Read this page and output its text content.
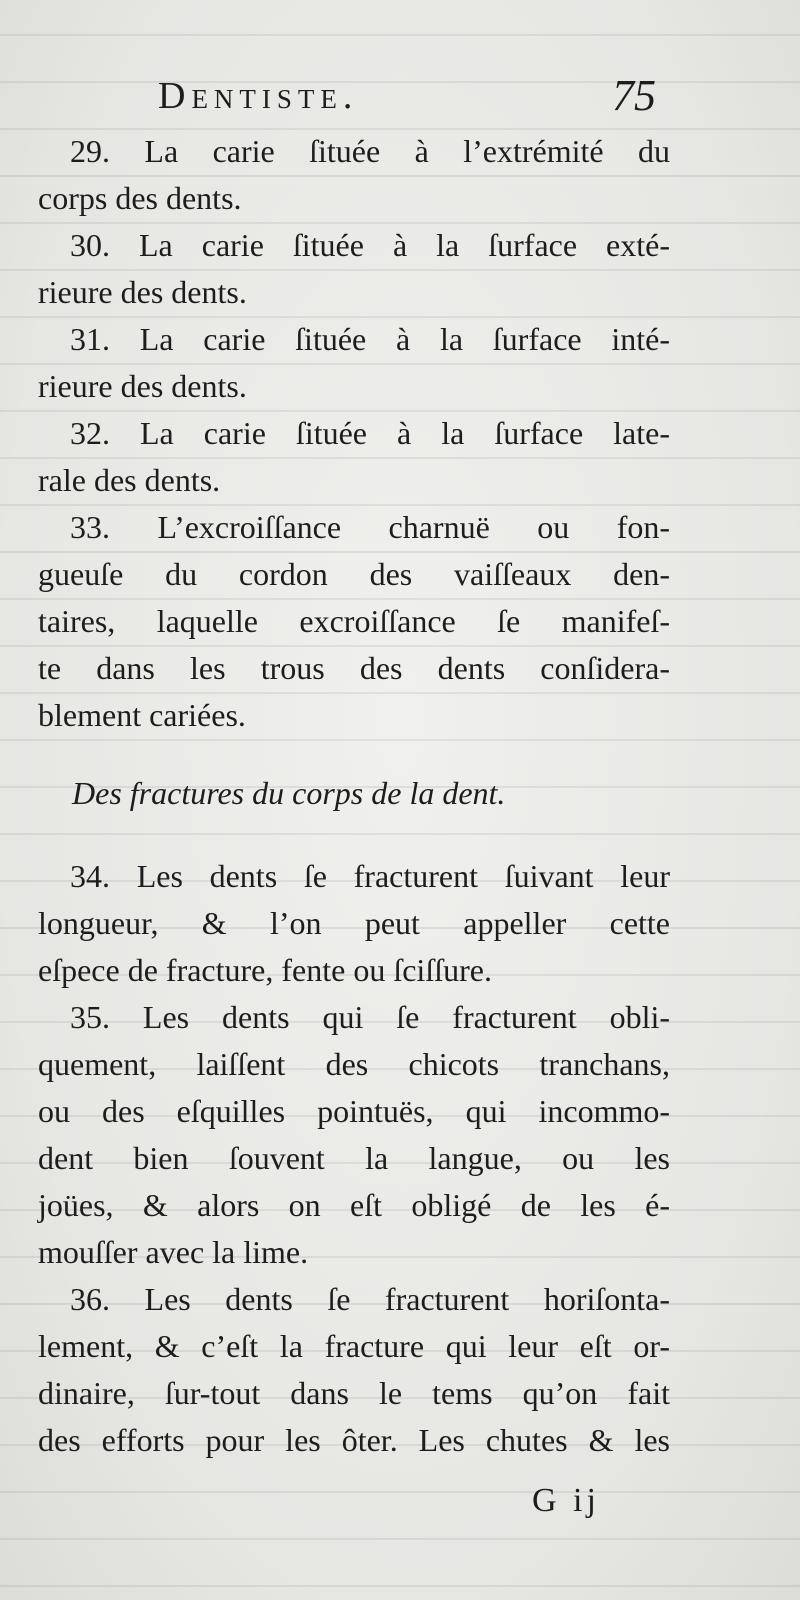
Dentiste.	75
29. La carie ſituée à l’extrémité du
corps des dents.
30. La carie ſituée à la ſurface exté-
rieure des dents.
31. La carie ſituée à la ſurface inté-
rieure des dents.
32. La carie ſituée à la ſurface late-
rale des dents.
33. L’excroiſſance charnuë ou fon-
gueuſe du cordon des vaiſſeaux den-
taires, laquelle excroiſſance ſe manifeſ-
te dans les trous des dents conſidera-
blement cariées.
Des fractures du corps de la dent.
34. Les dents ſe fracturent ſuivant leur
longueur, & l’on peut appeller cette
eſpece de fracture, fente ou ſciſſure.
35. Les dents qui ſe fracturent obli-
quement, laiſſent des chicots tranchans,
ou des eſquilles pointuës, qui incommo-
dent bien ſouvent la langue, ou les
joües, & alors on eſt obligé de les é-
mouſſer avec la lime.
36. Les dents ſe fracturent horiſonta-
lement, & c’eſt la fracture qui leur eſt or-
dinaire, ſur-tout dans le tems qu’on fait
des efforts pour les ôter. Les chutes & les
G ij
